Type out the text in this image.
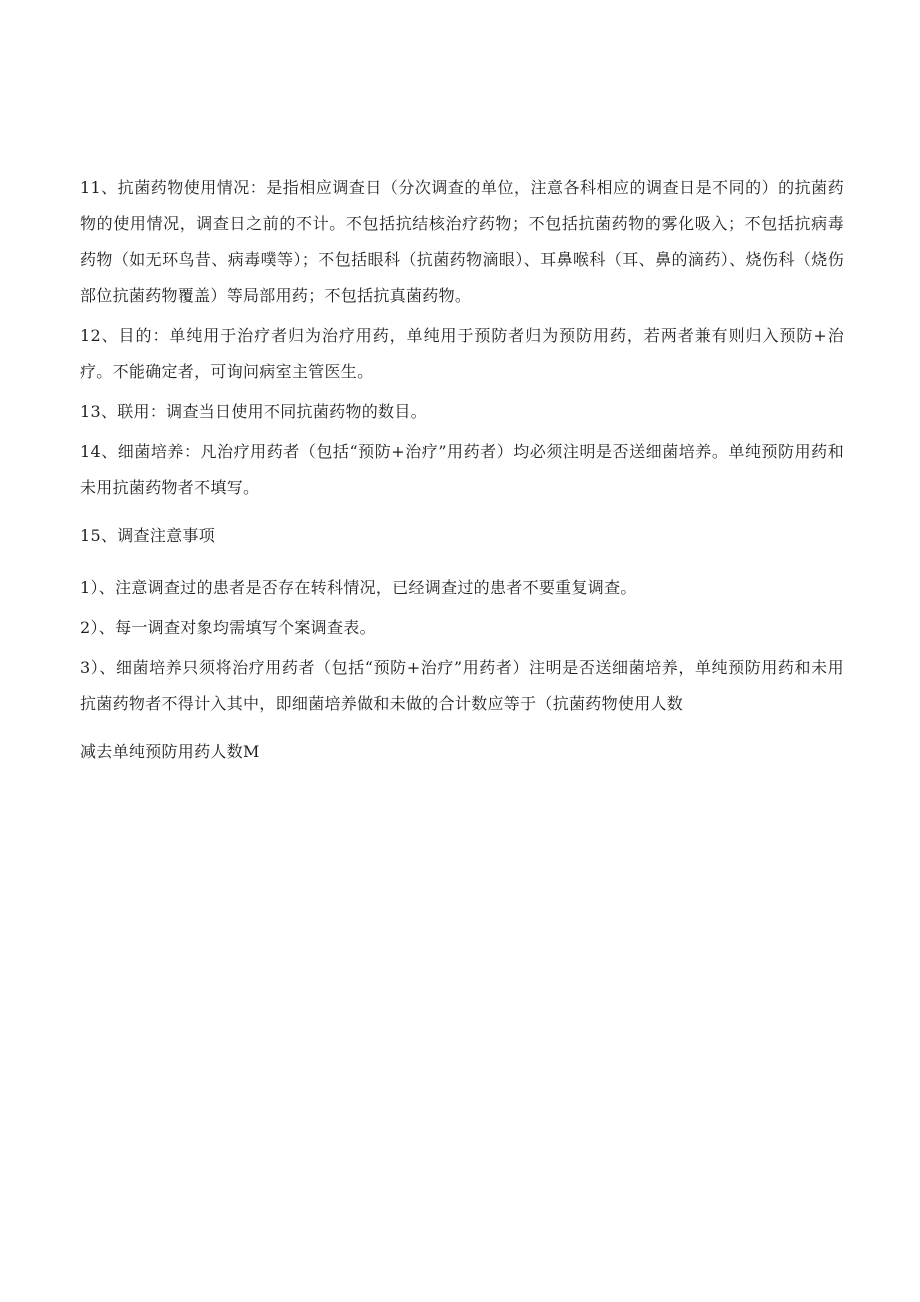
11、抗菌药物使用情况：是指相应调查日（分次调查的单位，注意各科相应的调查日是不同的）的抗菌药物的使用情况，调查日之前的不计。不包括抗结核治疗药物；不包括抗菌药物的雾化吸入；不包括抗病毒药物（如无环鸟昔、病毒噗等）；不包括眼科（抗菌药物滴眼）、耳鼻喉科（耳、鼻的滴药）、烧伤科（烧伤部位抗菌药物覆盖）等局部用药；不包括抗真菌药物。

12、目的：单纯用于治疗者归为治疗用药，单纯用于预防者归为预防用药，若两者兼有则归入预防+治疗。不能确定者，可询问病室主管医生。

13、联用：调查当日使用不同抗菌药物的数目。

14、细菌培养：凡治疗用药者（包括“预防+治疗”用药者）均必须注明是否送细菌培养。单纯预防用药和未用抗菌药物者不填写。

15、调查注意事项

1）、注意调查过的患者是否存在转科情况，已经调查过的患者不要重复调查。

2）、每一调查对象均需填写个案调查表。

3）、细菌培养只须将治疗用药者（包括“预防+治疗”用药者）注明是否送细菌培养，单纯预防用药和未用抗菌药物者不得计入其中，即细菌培养做和未做的合计数应等于（抗菌药物使用人数

减去单纯预防用药人数M
